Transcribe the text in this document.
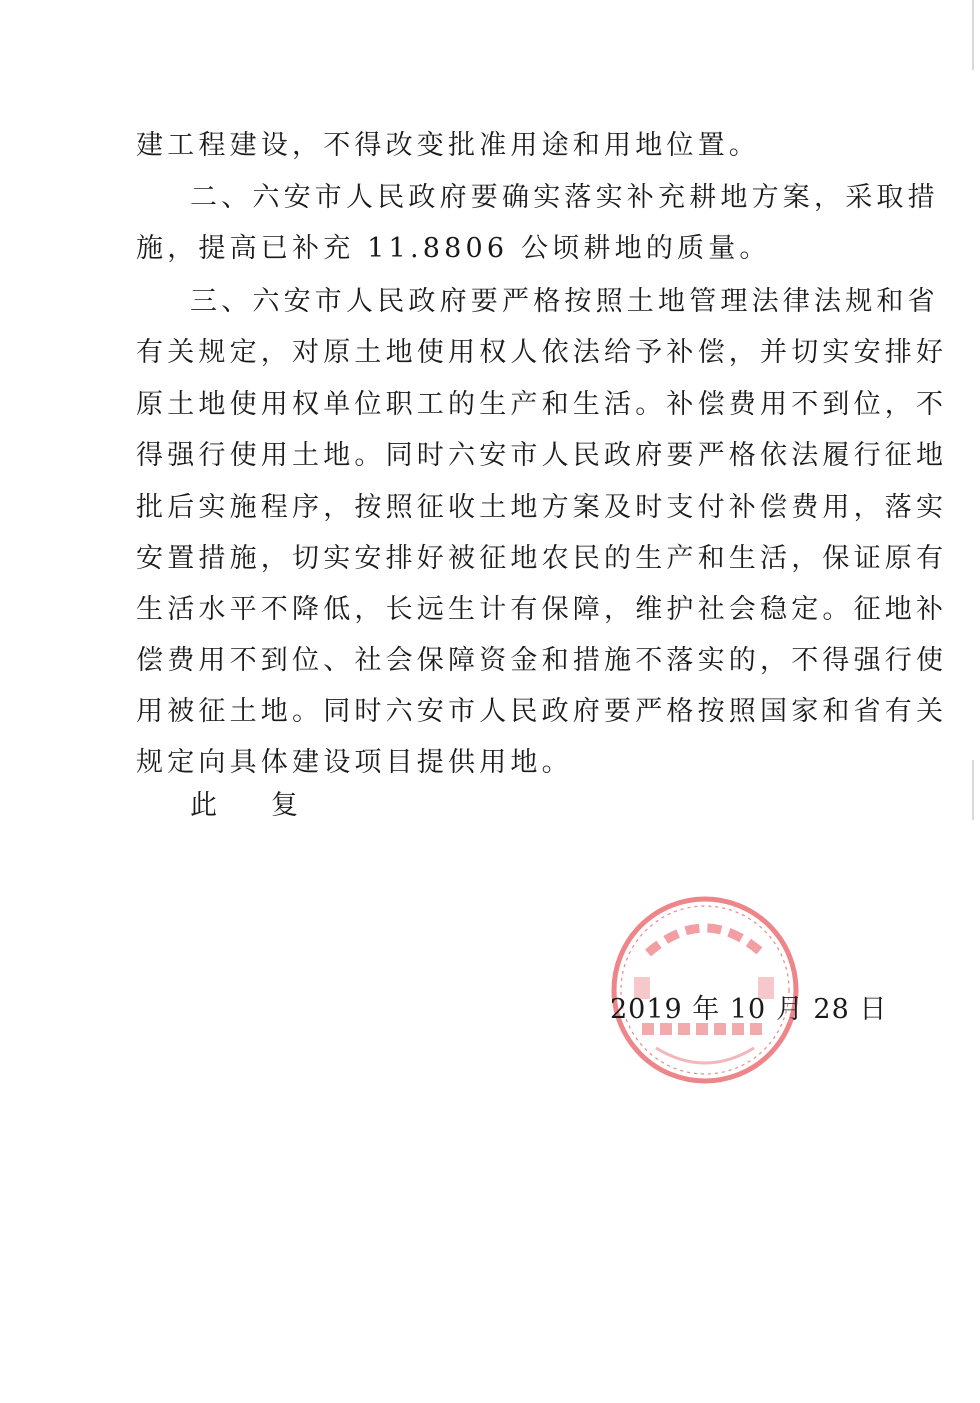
建工程建设，不得改变批准用途和用地位置。
二、六安市人民政府要确实落实补充耕地方案，采取措
施，提高已补充 11.8806 公顷耕地的质量。
三、六安市人民政府要严格按照土地管理法律法规和省
有关规定，对原土地使用权人依法给予补偿，并切实安排好
原土地使用权单位职工的生产和生活。补偿费用不到位，不
得强行使用土地。同时六安市人民政府要严格依法履行征地
批后实施程序，按照征收土地方案及时支付补偿费用，落实
安置措施，切实安排好被征地农民的生产和生活，保证原有
生活水平不降低，长远生计有保障，维护社会稳定。征地补
偿费用不到位、社会保障资金和措施不落实的，不得强行使
用被征土地。同时六安市人民政府要严格按照国家和省有关
规定向具体建设项目提供用地。
此 复
2019 年 10 月 28 日
